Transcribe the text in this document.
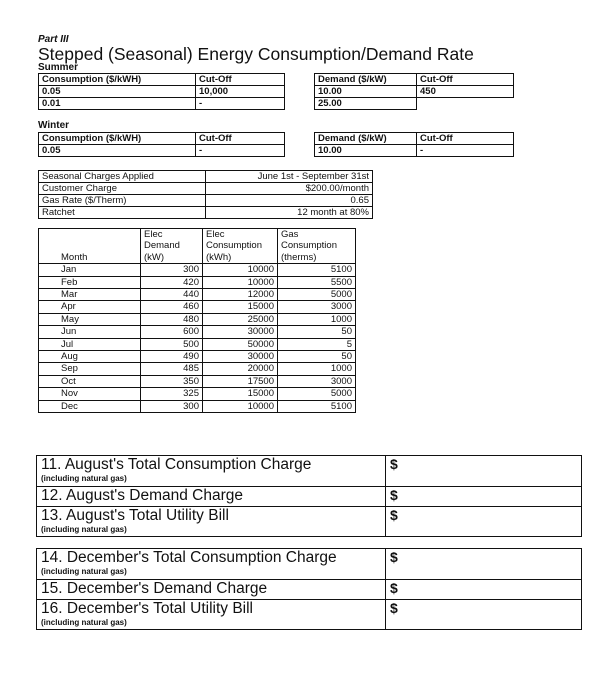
Part III
Stepped (Seasonal) Energy Consumption/Demand Rate
Summer
Consumption ($/kWH)	Cut-Off
0.05	10,000
0.01	-
Demand ($/kW)	Cut-Off
10.00	450
25.00	
Winter
Consumption ($/kWH)	Cut-Off
0.05	-
Demand ($/kW)	Cut-Off
10.00	-
Seasonal Charges Applied	June 1st - September 31st
Customer Charge	$200.00/month
Gas Rate ($/Therm)	0.65
Ratchet	12 month at 80%
	Elec	Elec	Gas
	Demand	Consumption	Consumption
Month	(kW)	(kWh)	(therms)
Jan	300	10000	5100
Feb	420	10000	5500
Mar	440	12000	5000
Apr	460	15000	3000
May	480	25000	1000
Jun	600	30000	50
Jul	500	50000	5
Aug	490	30000	50
Sep	485	20000	1000
Oct	350	17500	3000
Nov	325	15000	5000
Dec	300	10000	5100
11. August's Total Consumption Charge
(including natural gas)	$

12. August's Demand Charge	$

13. August's Total Utility Bill
(including natural gas)	$
14. December's Total Consumption Charge
(including natural gas)	$

15. December's Demand Charge	$

16. December's Total Utility Bill
(including natural gas)	$
